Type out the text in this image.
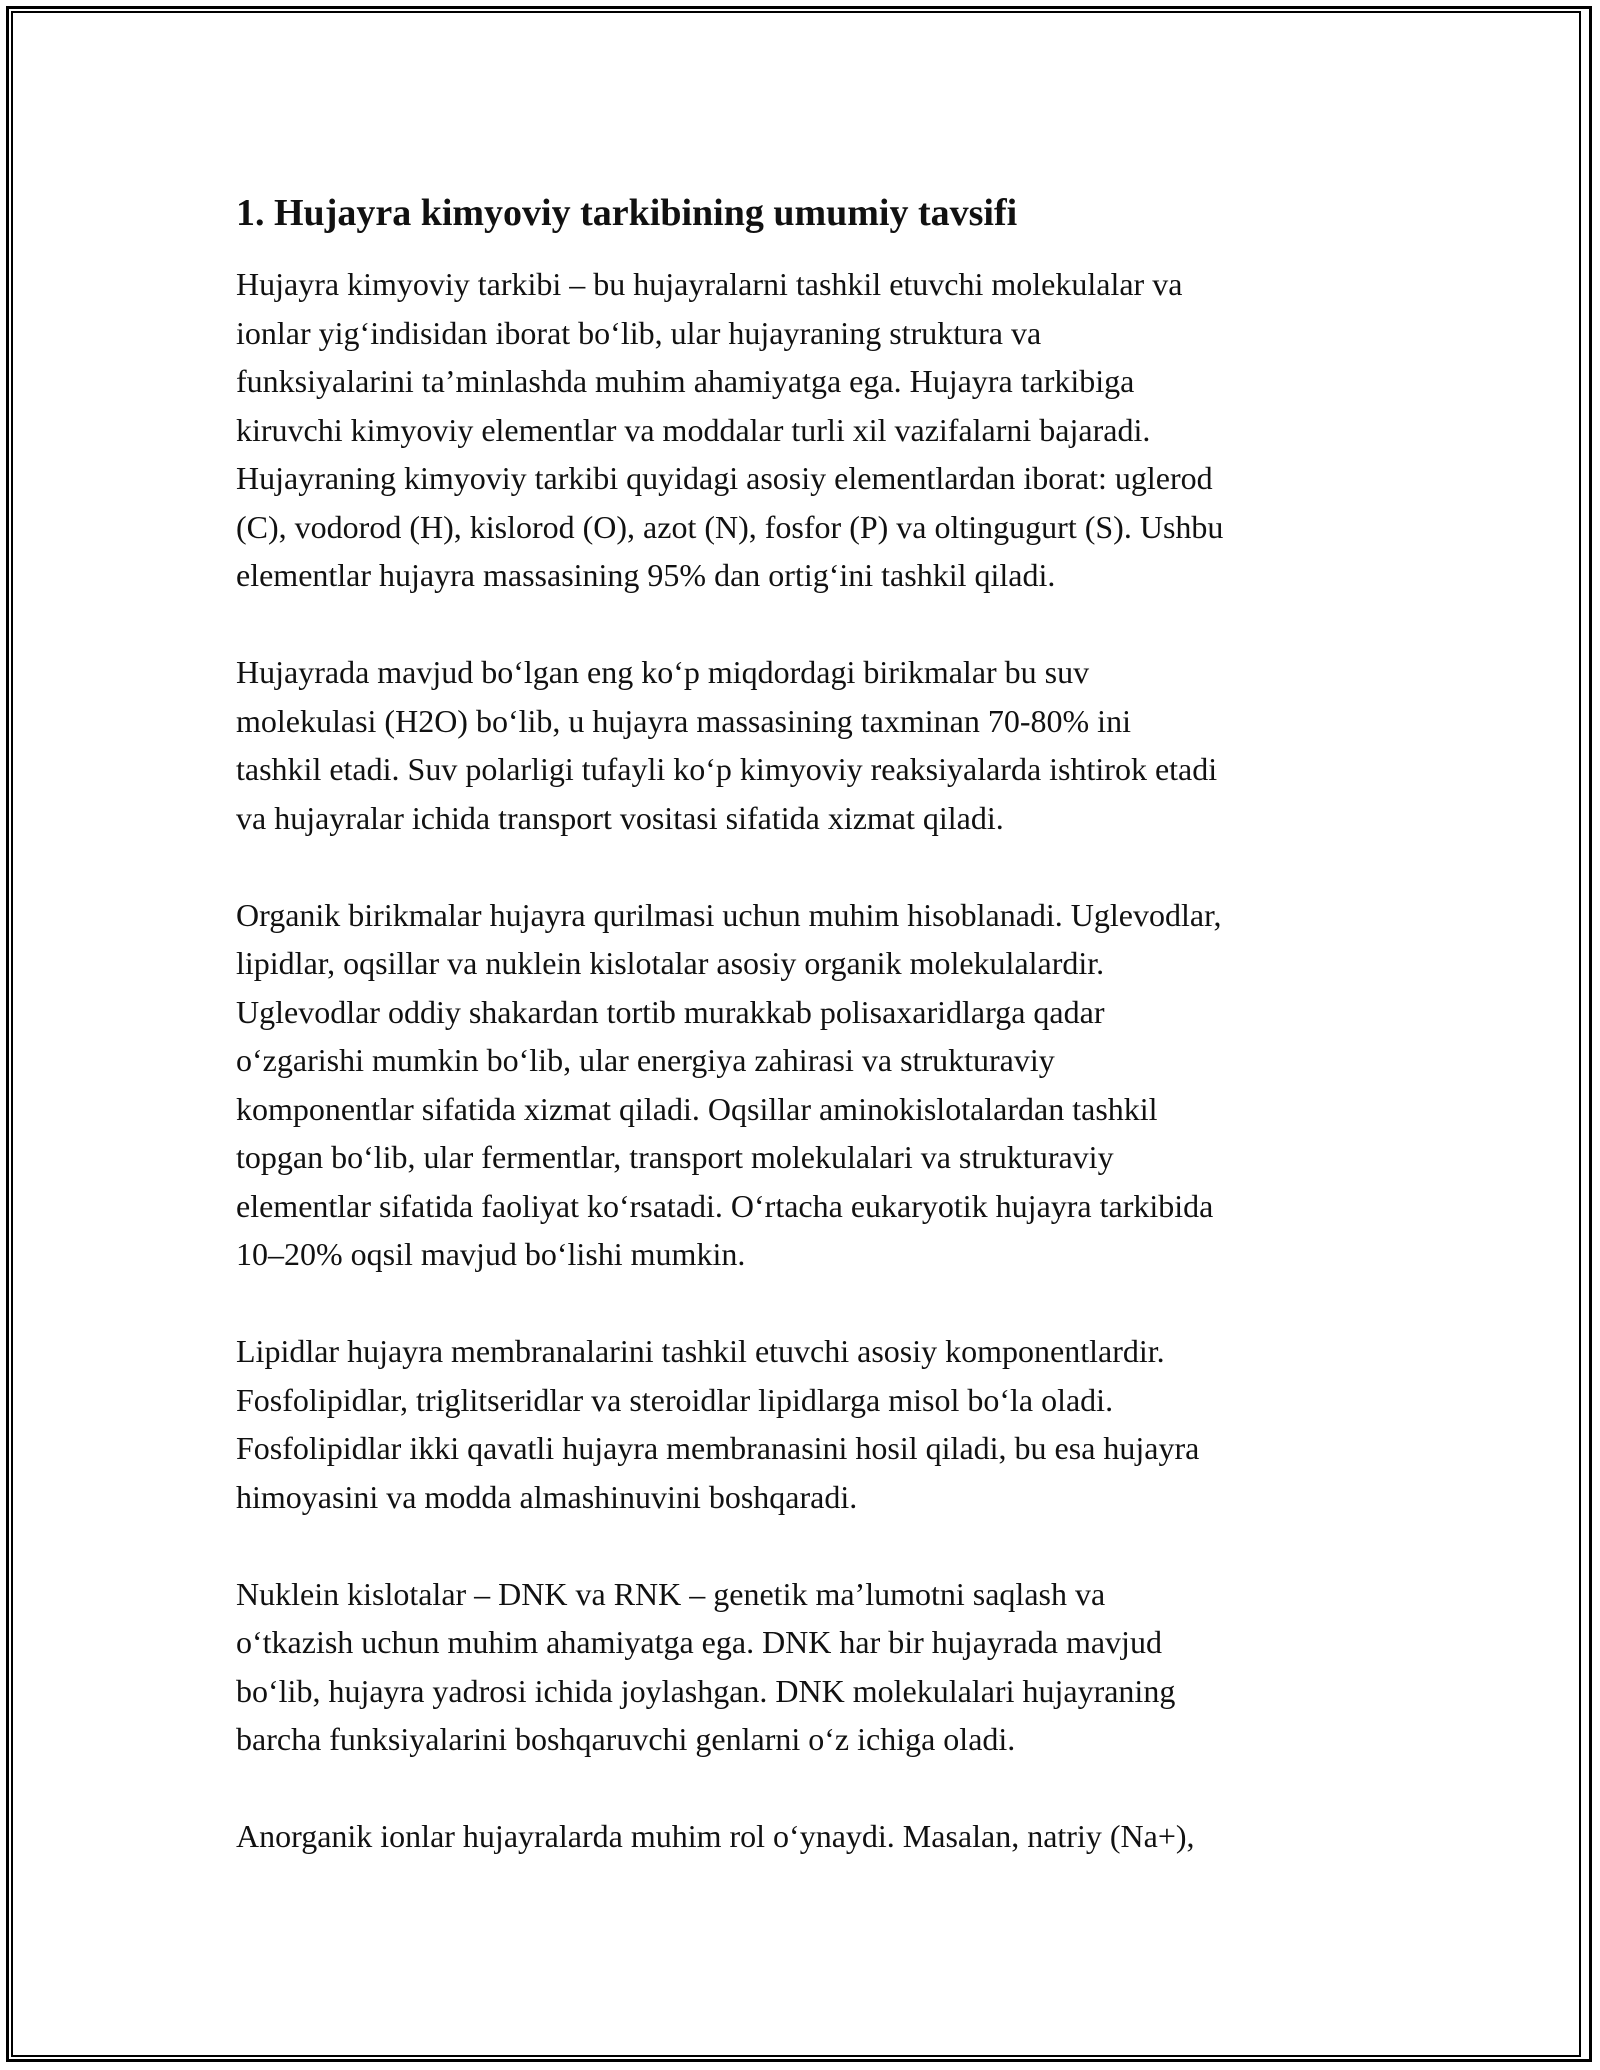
1. Hujayra kimyoviy tarkibining umumiy tavsifi

Hujayra kimyoviy tarkibi – bu hujayralarni tashkil etuvchi molekulalar va
ionlar yig‘indisidan iborat bo‘lib, ular hujayraning struktura va
funksiyalarini ta’minlashda muhim ahamiyatga ega. Hujayra tarkibiga
kiruvchi kimyoviy elementlar va moddalar turli xil vazifalarni bajaradi.
Hujayraning kimyoviy tarkibi quyidagi asosiy elementlardan iborat: uglerod
(C), vodorod (H), kislorod (O), azot (N), fosfor (P) va oltingugurt (S). Ushbu
elementlar hujayra massasining 95% dan ortig‘ini tashkil qiladi.

Hujayrada mavjud bo‘lgan eng ko‘p miqdordagi birikmalar bu suv
molekulasi (H2O) bo‘lib, u hujayra massasining taxminan 70-80% ini
tashkil etadi. Suv polarligi tufayli ko‘p kimyoviy reaksiyalarda ishtirok etadi
va hujayralar ichida transport vositasi sifatida xizmat qiladi.

Organik birikmalar hujayra qurilmasi uchun muhim hisoblanadi. Uglevodlar,
lipidlar, oqsillar va nuklein kislotalar asosiy organik molekulalardir.
Uglevodlar oddiy shakardan tortib murakkab polisaxaridlarga qadar
o‘zgarishi mumkin bo‘lib, ular energiya zahirasi va strukturaviy
komponentlar sifatida xizmat qiladi. Oqsillar aminokislotalardan tashkil
topgan bo‘lib, ular fermentlar, transport molekulalari va strukturaviy
elementlar sifatida faoliyat ko‘rsatadi. O‘rtacha eukaryotik hujayra tarkibida
10–20% oqsil mavjud bo‘lishi mumkin.

Lipidlar hujayra membranalarini tashkil etuvchi asosiy komponentlardir.
Fosfolipidlar, triglitseridlar va steroidlar lipidlarga misol bo‘la oladi.
Fosfolipidlar ikki qavatli hujayra membranasini hosil qiladi, bu esa hujayra
himoyasini va modda almashinuvini boshqaradi.

Nuklein kislotalar – DNK va RNK – genetik ma’lumotni saqlash va
o‘tkazish uchun muhim ahamiyatga ega. DNK har bir hujayrada mavjud
bo‘lib, hujayra yadrosi ichida joylashgan. DNK molekulalari hujayraning
barcha funksiyalarini boshqaruvchi genlarni o‘z ichiga oladi.

Anorganik ionlar hujayralarda muhim rol o‘ynaydi. Masalan, natriy (Na+),
